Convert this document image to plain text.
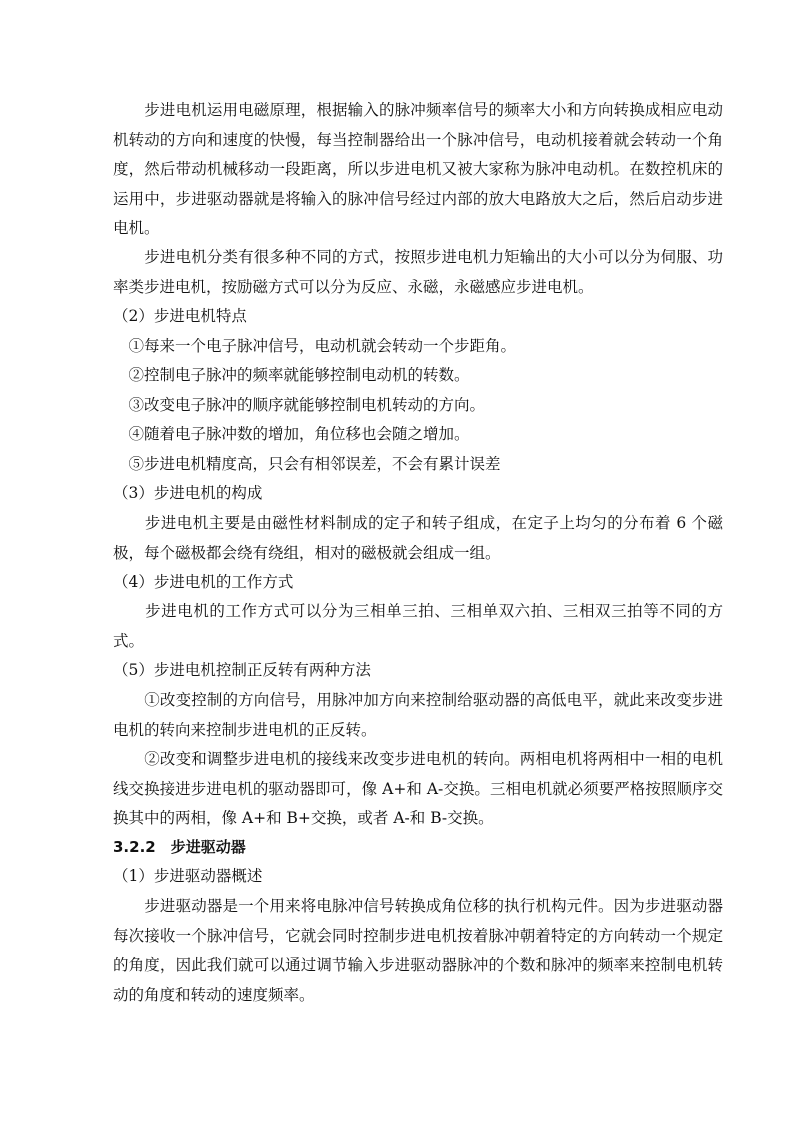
　　步进电机运用电磁原理，根据输入的脉冲频率信号的频率大小和方向转换成相应电动机转动的方向和速度的快慢，每当控制器给出一个脉冲信号，电动机接着就会转动一个角度，然后带动机械移动一段距离，所以步进电机又被大家称为脉冲电动机。在数控机床的运用中，步进驱动器就是将输入的脉冲信号经过内部的放大电路放大之后，然后启动步进电机。
　　步进电机分类有很多种不同的方式，按照步进电机力矩输出的大小可以分为伺服、功率类步进电机，按励磁方式可以分为反应、永磁，永磁感应步进电机。
（2）步进电机特点
　①每来一个电子脉冲信号，电动机就会转动一个步距角。
　②控制电子脉冲的频率就能够控制电动机的转数。
　③改变电子脉冲的顺序就能够控制电机转动的方向。
　④随着电子脉冲数的增加，角位移也会随之增加。
　⑤步进电机精度高，只会有相邻误差，不会有累计误差
（3）步进电机的构成
　　步进电机主要是由磁性材料制成的定子和转子组成，在定子上均匀的分布着 6 个磁极，每个磁极都会绕有绕组，相对的磁极就会组成一组。
（4）步进电机的工作方式
　　步进电机的工作方式可以分为三相单三拍、三相单双六拍、三相双三拍等不同的方式。
（5）步进电机控制正反转有两种方法
　　①改变控制的方向信号，用脉冲加方向来控制给驱动器的高低电平，就此来改变步进电机的转向来控制步进电机的正反转。
　　②改变和调整步进电机的接线来改变步进电机的转向。两相电机将两相中一相的电机线交换接进步进电机的驱动器即可，像 A+和 A-交换。三相电机就必须要严格按照顺序交换其中的两相，像 A+和 B+交换，或者 A-和 B-交换。
3.2.2　步进驱动器
（1）步进驱动器概述
　　步进驱动器是一个用来将电脉冲信号转换成角位移的执行机构元件。因为步进驱动器每次接收一个脉冲信号，它就会同时控制步进电机按着脉冲朝着特定的方向转动一个规定的角度，因此我们就可以通过调节输入步进驱动器脉冲的个数和脉冲的频率来控制电机转动的角度和转动的速度频率。
